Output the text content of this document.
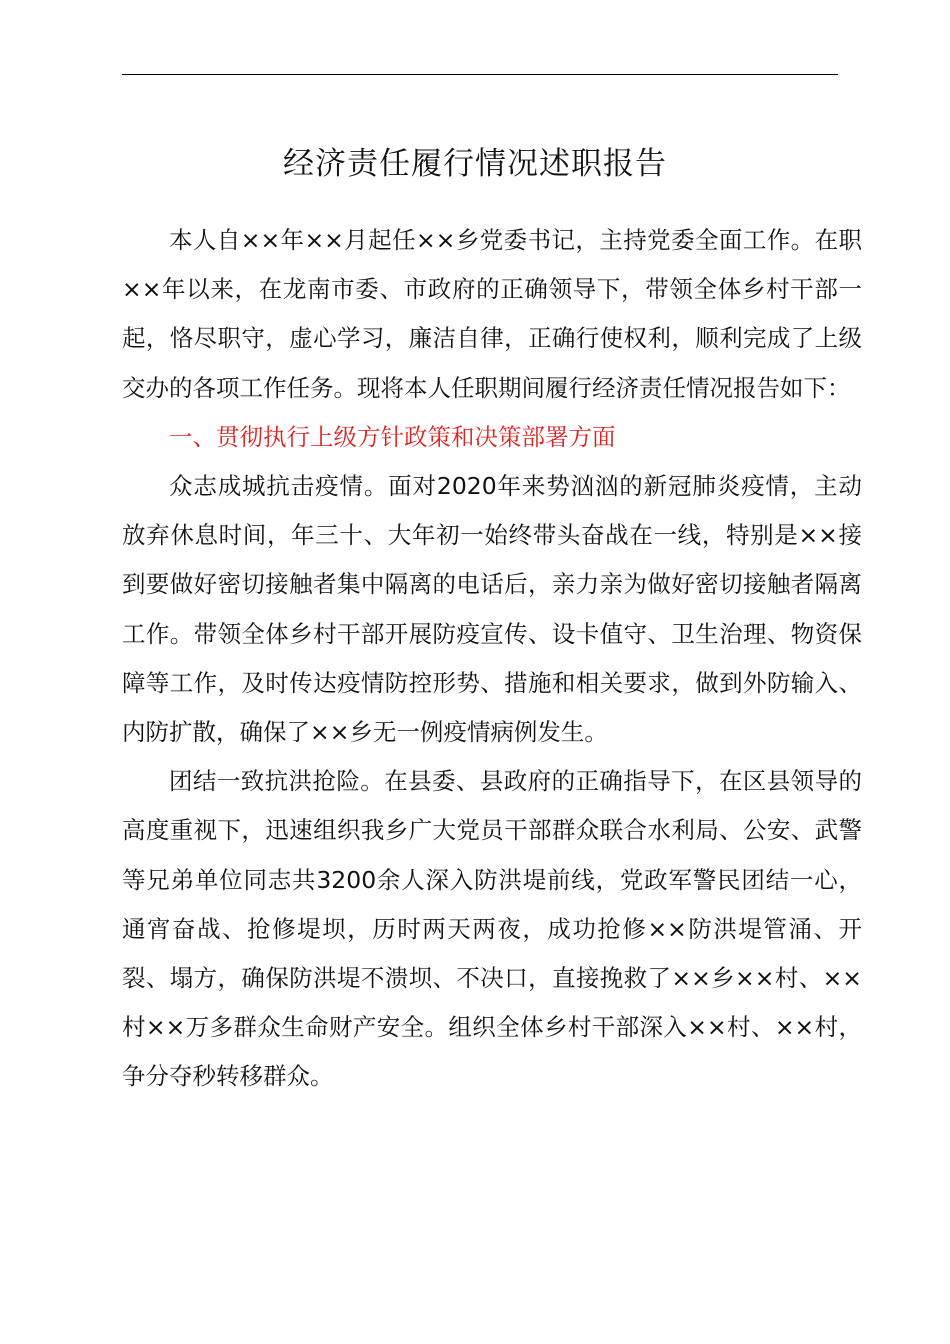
经济责任履行情况述职报告

本人自××年××月起任××乡党委书记，主持党委全面工作。在职××年以来，在龙南市委、市政府的正确领导下，带领全体乡村干部一起，恪尽职守，虚心学习，廉洁自律，正确行使权利，顺利完成了上级交办的各项工作任务。现将本人任职期间履行经济责任情况报告如下：

一、贯彻执行上级方针政策和决策部署方面

众志成城抗击疫情。面对2020年来势汹汹的新冠肺炎疫情，主动放弃休息时间，年三十、大年初一始终带头奋战在一线，特别是××接到要做好密切接触者集中隔离的电话后，亲力亲为做好密切接触者隔离工作。带领全体乡村干部开展防疫宣传、设卡值守、卫生治理、物资保障等工作，及时传达疫情防控形势、措施和相关要求，做到外防输入、内防扩散，确保了××乡无一例疫情病例发生。

团结一致抗洪抢险。在县委、县政府的正确指导下，在区县领导的高度重视下，迅速组织我乡广大党员干部群众联合水利局、公安、武警等兄弟单位同志共3200余人深入防洪堤前线，党政军警民团结一心，通宵奋战、抢修堤坝，历时两天两夜，成功抢修××防洪堤管涌、开裂、塌方，确保防洪堤不溃坝、不决口，直接挽救了××乡××村、××村××万多群众生命财产安全。组织全体乡村干部深入××村、××村，争分夺秒转移群众。
